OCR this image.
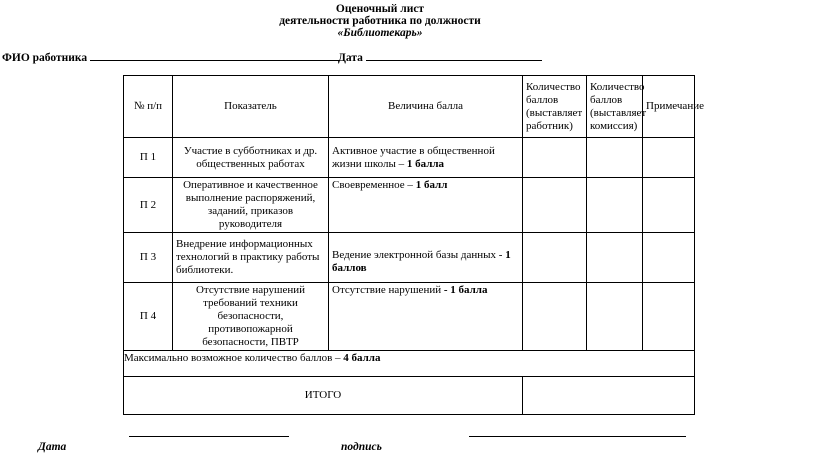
Оценочный лист
деятельности работника по должности
«Библиотекарь»
ФИО работника	Дата
№ п/п	Показатель	Величина балла	Количество баллов (выставляет работник)	Количество баллов (выставляет комиссия)	Примечание
П 1	Участие в субботниках и др. общественных работах	Активное участие в общественной жизни школы – 1 балла			
П 2	Оперативное и качественное выполнение распоряжений, заданий, приказов руководителя	Своевременное – 1 балл			
П 3	Внедрение информационных технологий в практику работы библиотеки.	Ведение электронной базы данных - 1 баллов			
П 4	Отсутствие нарушений требований техники безопасности, противопожарной безопасности, ПВТР	Отсутствие нарушений - 1 балла			
Максимально возможное количество баллов – 4 балла					
ИТОГО					
Дата	подпись
